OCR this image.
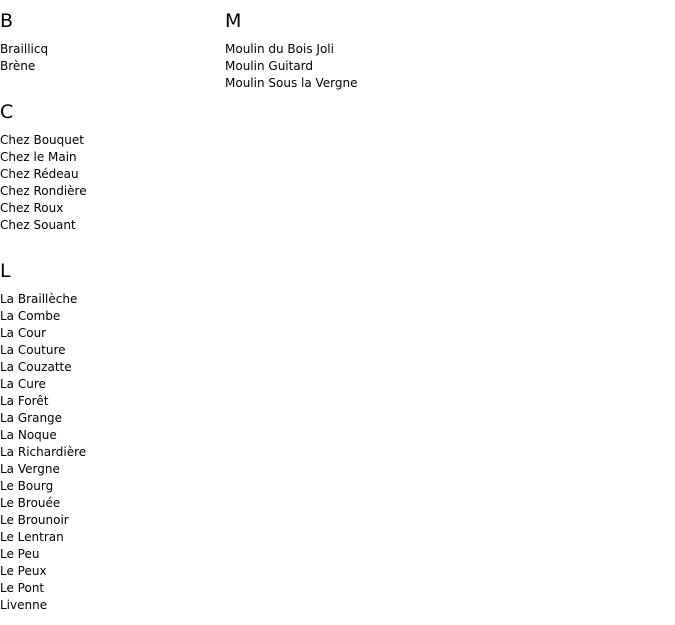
B
Braillicq
Brène
C
Chez Bouquet
Chez le Main
Chez Rédeau
Chez Rondière
Chez Roux
Chez Souant
L
La Braillèche
La Combe
La Cour
La Couture
La Couzatte
La Cure
La Forêt
La Grange
La Noque
La Richardière
La Vergne
Le Bourg
Le Brouée
Le Brounoir
Le Lentran
Le Peu
Le Peux
Le Pont
Livenne
M
Moulin du Bois Joli
Moulin Guitard
Moulin Sous la Vergne
